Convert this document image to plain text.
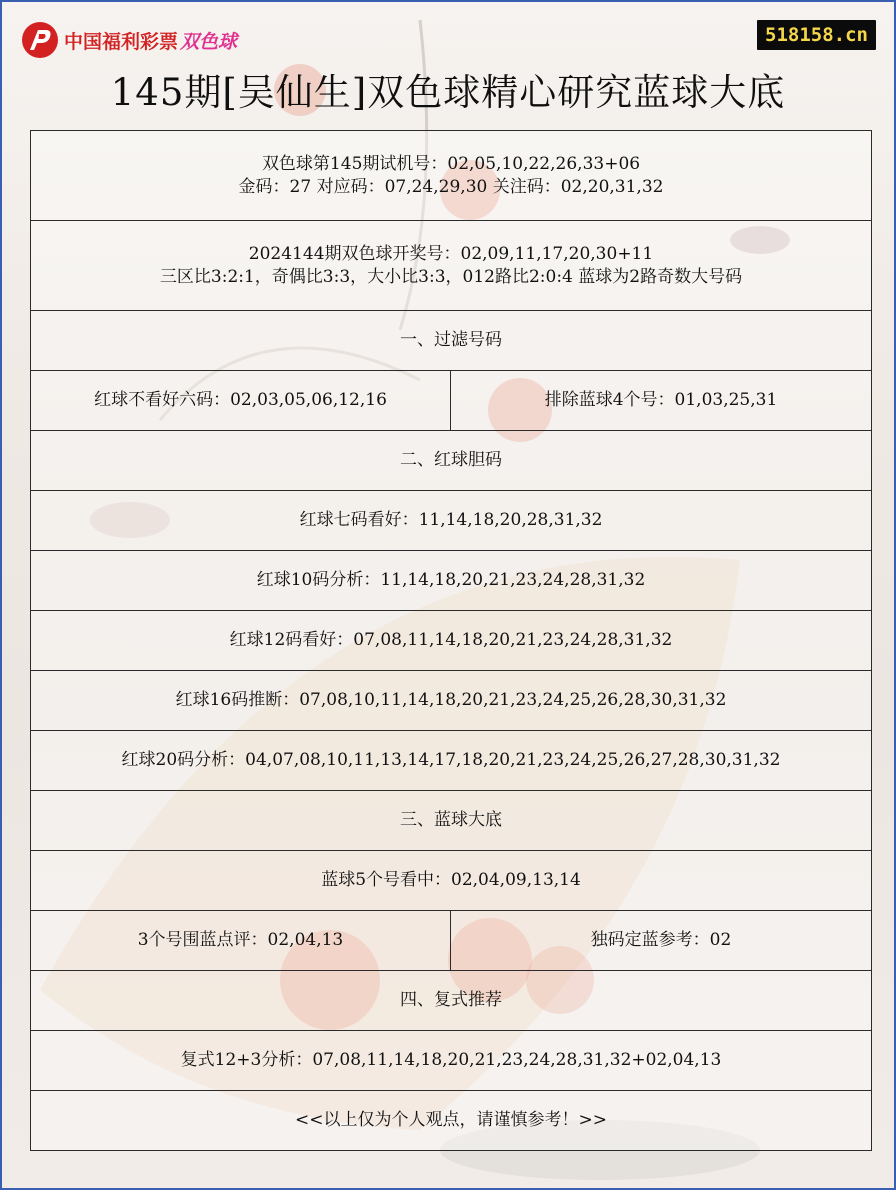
中国福利彩票 双色球	518158.cn
145期[吴仙生]双色球精心研究蓝球大底
双色球第145期试机号：02,05,10,22,26,33+06
金码：27 对应码：07,24,29,30 关注码：02,20,31,32	

2024144期双色球开奖号：02,09,11,17,20,30+11
三区比3:2:1，奇偶比3:3，大小比3:3，012路比2:0:4 蓝球为2路奇数大号码	

一、过滤号码	
红球不看好六码：02,03,05,06,12,16	排除蓝球4个号：01,03,25,31
二、红球胆码	
红球七码看好：11,14,18,20,28,31,32	
红球10码分析：11,14,18,20,21,23,24,28,31,32	
红球12码看好：07,08,11,14,18,20,21,23,24,28,31,32	
红球16码推断：07,08,10,11,14,18,20,21,23,24,25,26,28,30,31,32	
红球20码分析：04,07,08,10,11,13,14,17,18,20,21,23,24,25,26,27,28,30,31,32	
三、蓝球大底	
蓝球5个号看中：02,04,09,13,14	
3个号围蓝点评：02,04,13	独码定蓝参考：02
四、复式推荐	
复式12+3分析：07,08,11,14,18,20,21,23,24,28,31,32+02,04,13	
<<以上仅为个人观点，请谨慎参考！>>	
